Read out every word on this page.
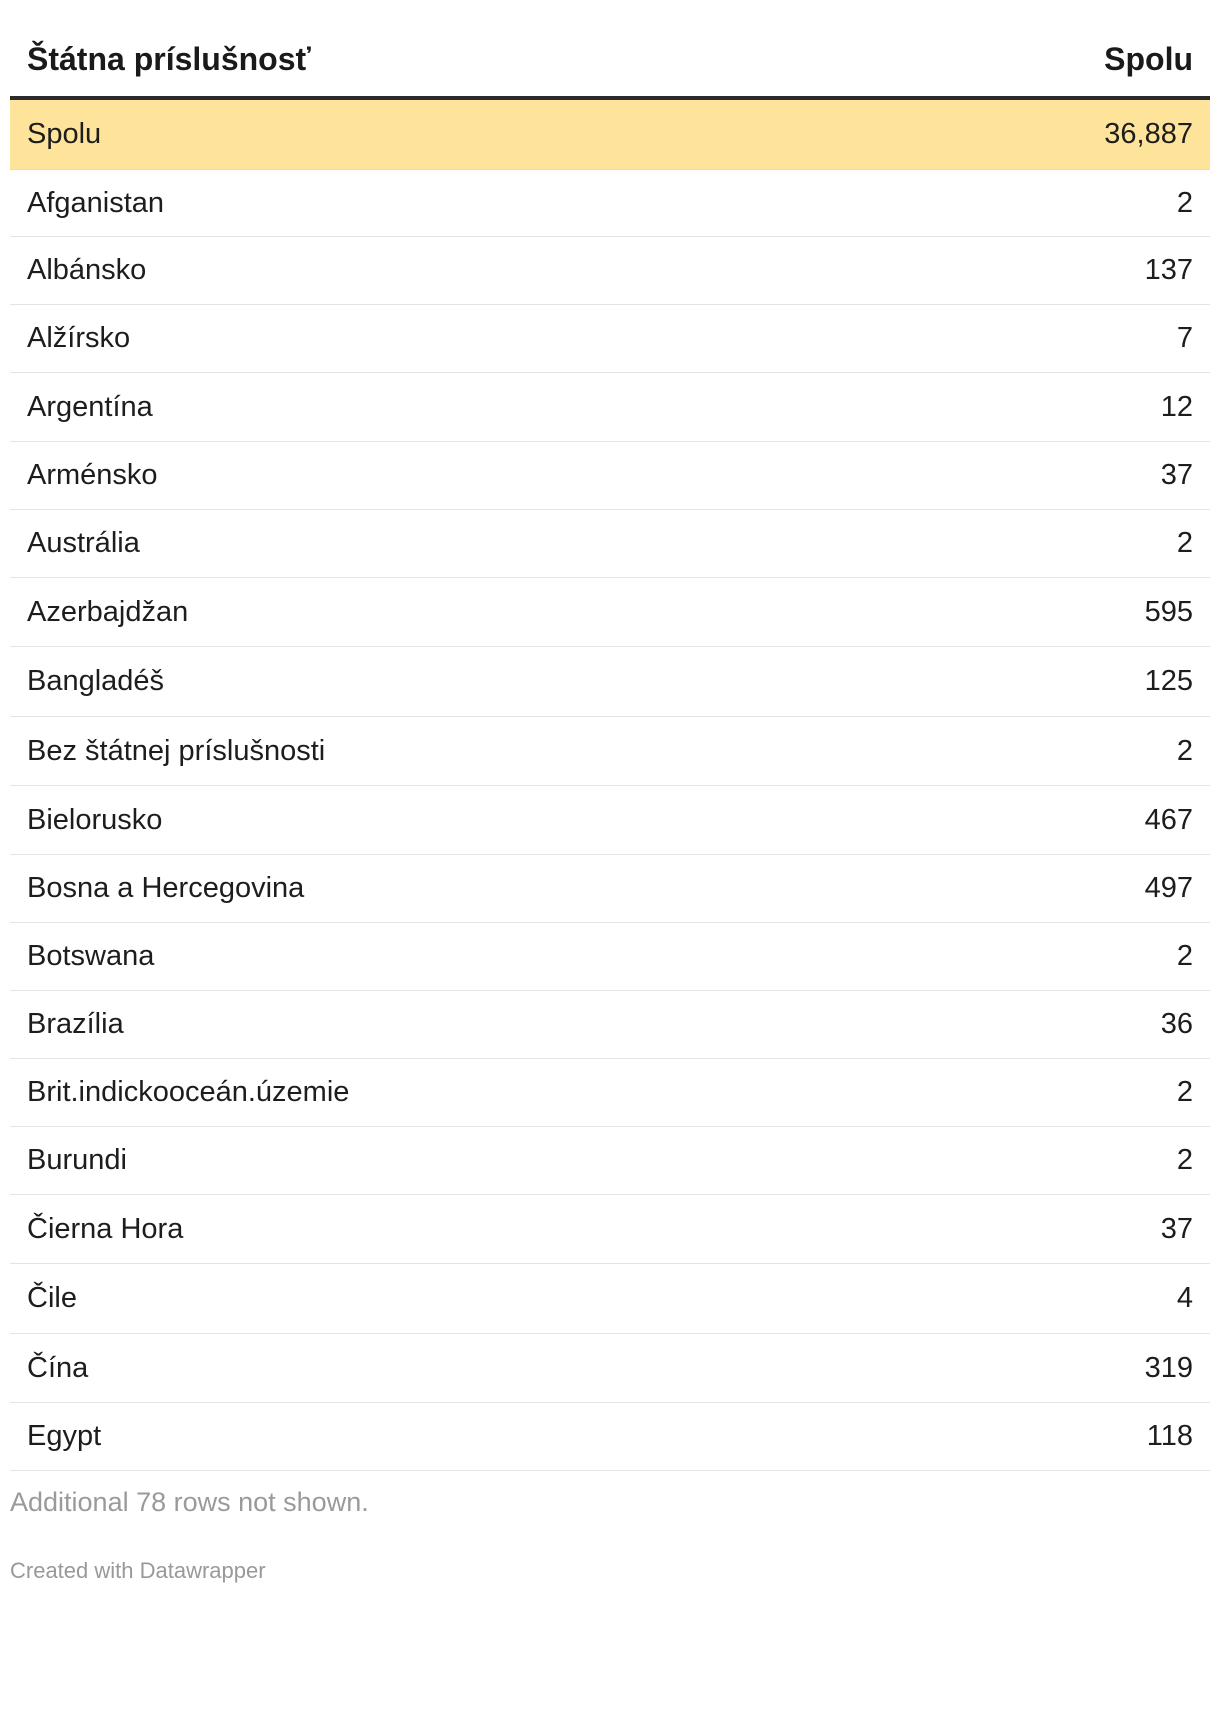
Štátna príslušnosť	Spolu
Spolu	36,887
Afganistan	2
Albánsko	137
Alžírsko	7
Argentína	12
Arménsko	37
Austrália	2
Azerbajdžan	595
Bangladéš	125
Bez štátnej príslušnosti	2
Bielorusko	467
Bosna a Hercegovina	497
Botswana	2
Brazília	36
Brit.indickooceán.územie	2
Burundi	2
Čierna Hora	37
Čile	4
Čína	319
Egypt	118

Additional 78 rows not shown.

Created with Datawrapper
